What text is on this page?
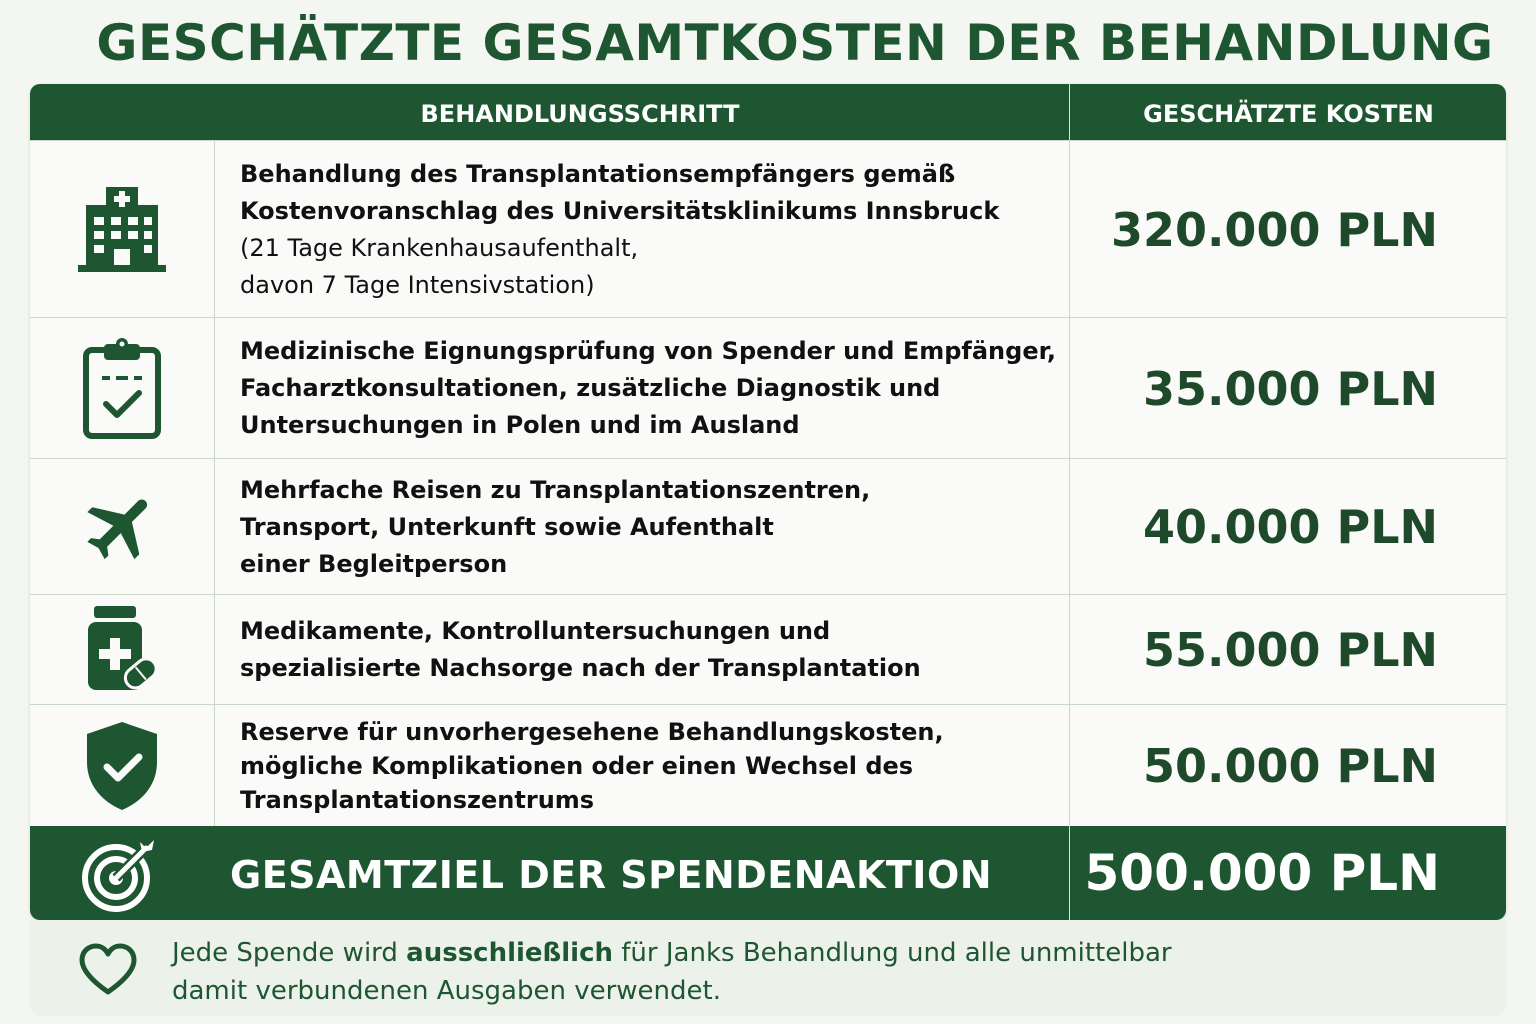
GESCHÄTZTE GESAMTKOSTEN DER BEHANDLUNG
BEHANDLUNGSSCHRITT	GESCHÄTZTE KOSTEN
Behandlung des Transplantationsempfängers gemäß
Kostenvoranschlag des Universitätsklinikums Innsbruck
(21 Tage Krankenhausaufenthalt,
davon 7 Tage Intensivstation)
320.000 PLN
Medizinische Eignungsprüfung von Spender und Empfänger,
Facharztkonsultationen, zusätzliche Diagnostik und
Untersuchungen in Polen und im Ausland
35.000 PLN
Mehrfache Reisen zu Transplantationszentren,
Transport, Unterkunft sowie Aufenthalt
einer Begleitperson
40.000 PLN
Medikamente, Kontrolluntersuchungen und
spezialisierte Nachsorge nach der Transplantation	55.000 PLN
Reserve für unvorhergesehene Behandlungskosten,
mögliche Komplikationen oder einen Wechsel des
Transplantationszentrums
50.000 PLN
GESAMTZIEL DER SPENDENAKTION	500.000 PLN
Jede Spende wird ausschließlich für Janks Behandlung und alle unmittelbar
damit verbundenen Ausgaben verwendet.
